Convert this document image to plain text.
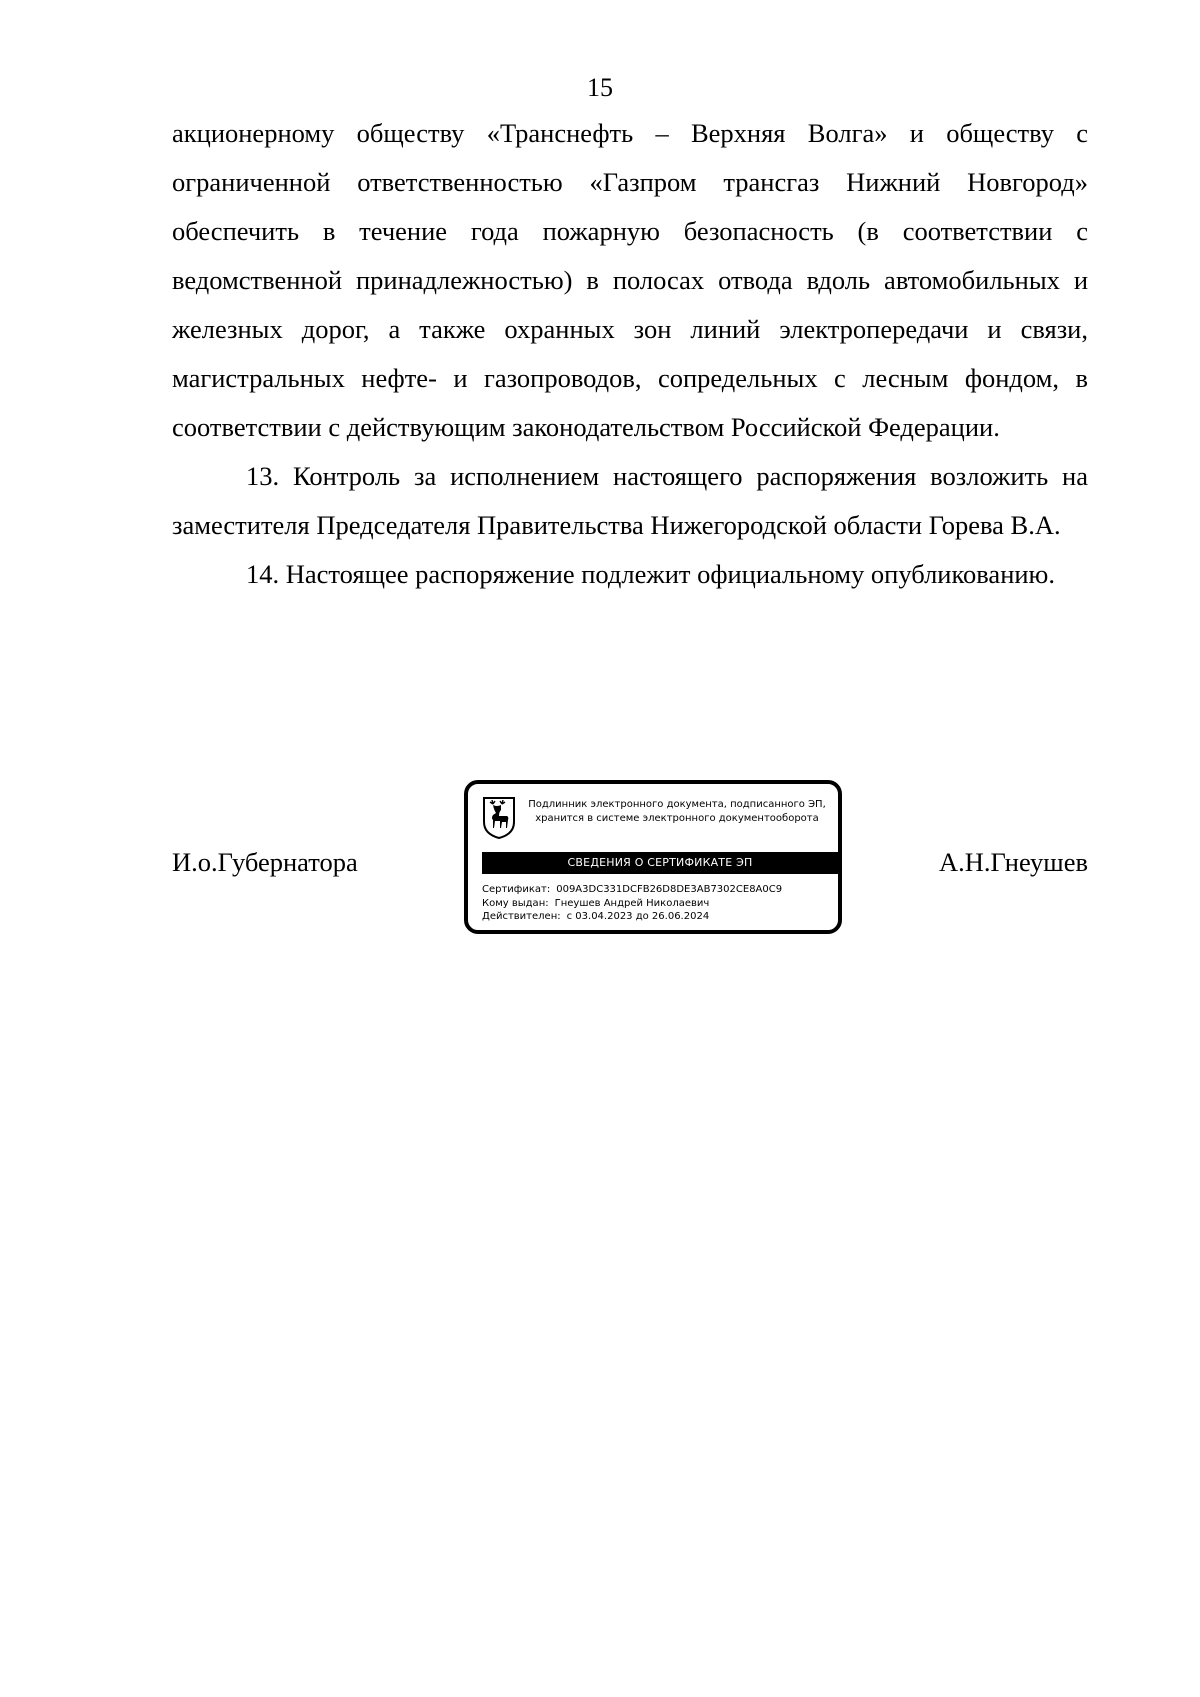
15

акционерному обществу «Транснефть – Верхняя Волга» и обществу с ограниченной ответственностью «Газпром трансгаз Нижний Новгород» обеспечить в течение года пожарную безопасность (в соответствии с ведомственной принадлежностью) в полосах отвода вдоль автомобильных и железных дорог, а также охранных зон линий электропередачи и связи, магистральных нефте- и газопроводов, сопредельных с лесным фондом, в соответствии с действующим законодательством Российской Федерации.

13. Контроль за исполнением настоящего распоряжения возложить на заместителя Председателя Правительства Нижегородской области Горева В.А.

14. Настоящее распоряжение подлежит официальному опубликованию.

И.о.Губернатора
Подлинник электронного документа, подписанного ЭП,
хранится в системе электронного документооборота
СВЕДЕНИЯ О СЕРТИФИКАТЕ ЭП
Сертификат: 009A3DC331DCFB26D8DE3AB7302CE8A0C9
Кому выдан: Гнеушев Андрей Николаевич
Действителен: с 03.04.2023 до 26.06.2024
А.Н.Гнеушев
